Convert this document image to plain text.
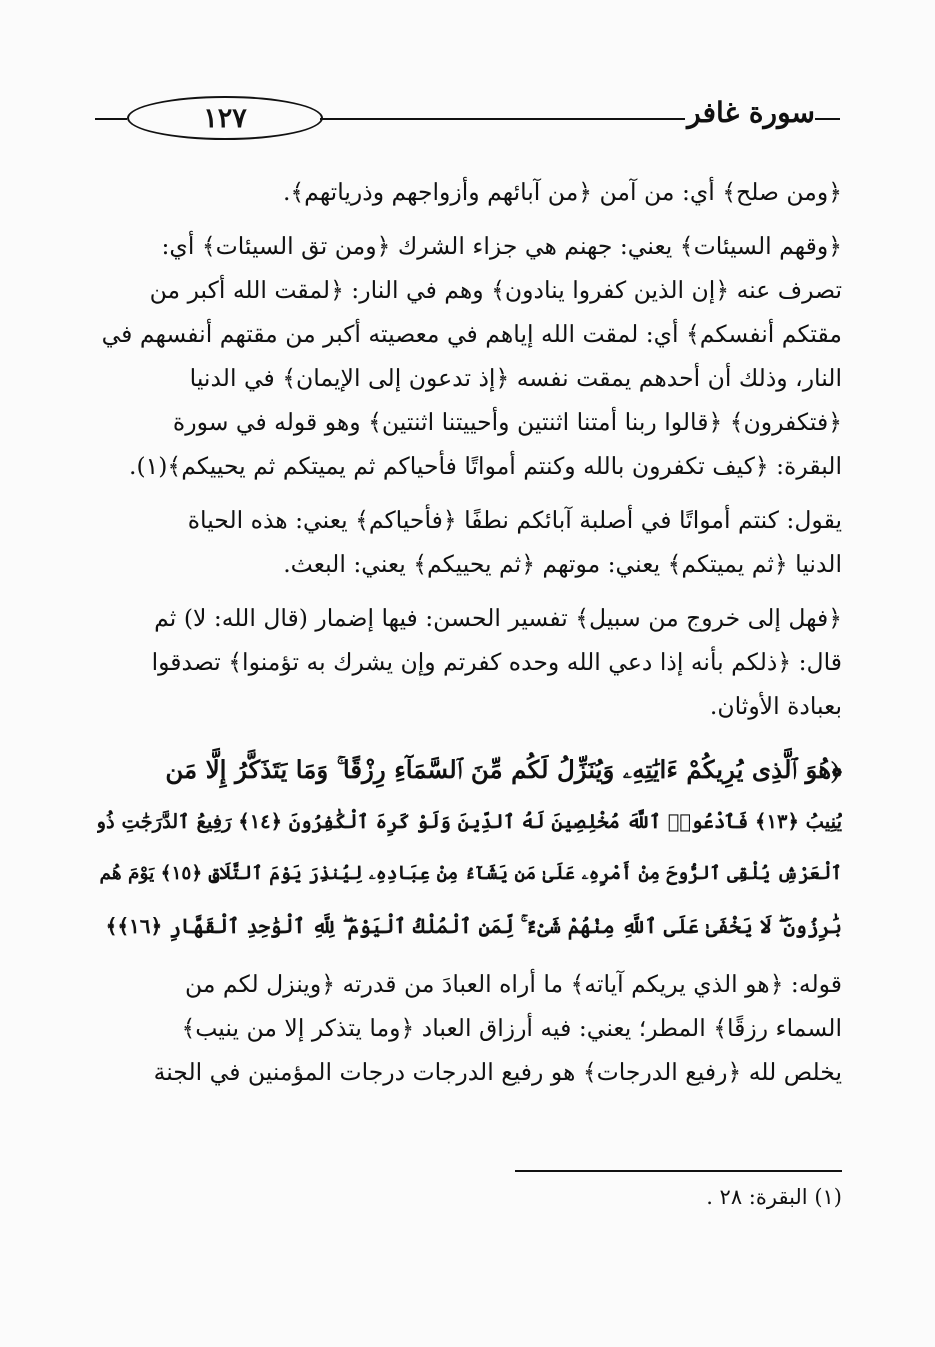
١٢٧	سورة غافر

﴿ومن صلح﴾ أي: من آمن ﴿من آبائهم وأزواجهم وذرياتهم﴾.

﴿وقهم السيئات﴾ يعني: جهنم هي جزاء الشرك ﴿ومن تق السيئات﴾ أي:

تصرف عنه ﴿إن الذين كفروا ينادون﴾ وهم في النار: ﴿لمقت الله أكبر من

مقتكم أنفسكم﴾ أي: لمقت الله إياهم في معصيته أكبر من مقتهم أنفسهم في

النار، وذلك أن أحدهم يمقت نفسه ﴿إذ تدعون إلى الإيمان﴾ في الدنيا

﴿فتكفرون﴾ ﴿قالوا ربنا أمتنا اثنتين وأحييتنا اثنتين﴾ وهو قوله في سورة

البقرة: ﴿كيف تكفرون بالله وكنتم أمواتًا فأحياكم ثم يميتكم ثم يحييكم﴾(١).

يقول: كنتم أمواتًا في أصلبة آبائكم نطفًا ﴿فأحياكم﴾ يعني: هذه الحياة

الدنيا ﴿ثم يميتكم﴾ يعني: موتهم ﴿ثم يحييكم﴾ يعني: البعث.

﴿فهل إلى خروج من سبيل﴾ تفسير الحسن: فيها إضمار (قال الله: لا) ثم

قال: ﴿ذلكم بأنه إذا دعي الله وحده كفرتم وإن يشرك به تؤمنوا﴾ تصدقوا

بعبادة الأوثان.

﴿هُوَ ٱلَّذِى يُرِيكُمْ ءَايَٰتِهِۦ وَيُنَزِّلُ لَكُم مِّنَ ٱلسَّمَآءِ رِزْقًا ۚ وَمَا يَتَذَكَّرُ إِلَّا مَن

يُنِيبُ ﴿١٣﴾ فَٱدْعُوا۟ ٱللَّهَ مُخْلِصِينَ لَهُ ٱلدِّينَ وَلَوْ كَرِهَ ٱلْكَٰفِرُونَ ﴿١٤﴾ رَفِيعُ ٱلدَّرَجَٰتِ ذُو

ٱلْعَرْشِ يُلْقِى ٱلرُّوحَ مِنْ أَمْرِهِۦ عَلَىٰ مَن يَشَآءُ مِنْ عِبَادِهِۦ لِيُنذِرَ يَوْمَ ٱلتَّلَاقِ ﴿١٥﴾ يَوْمَ هُم

بَٰرِزُونَ ۖ لَا يَخْفَىٰ عَلَى ٱللَّهِ مِنْهُمْ شَىْءٌ ۚ لِّمَنِ ٱلْمُلْكُ ٱلْيَوْمَ ۖ لِلَّهِ ٱلْوَٰحِدِ ٱلْقَهَّارِ ﴿١٦﴾﴾

قوله: ﴿هو الذي يريكم آياته﴾ ما أراه العبادَ من قدرته ﴿وينزل لكم من

السماء رزقًا﴾ المطر؛ يعني: فيه أرزاق العباد ﴿وما يتذكر إلا من ينيب﴾

يخلص لله ﴿رفيع الدرجات﴾ هو رفيع الدرجات درجات المؤمنين في الجنة

(١) البقرة: ٢٨ .
